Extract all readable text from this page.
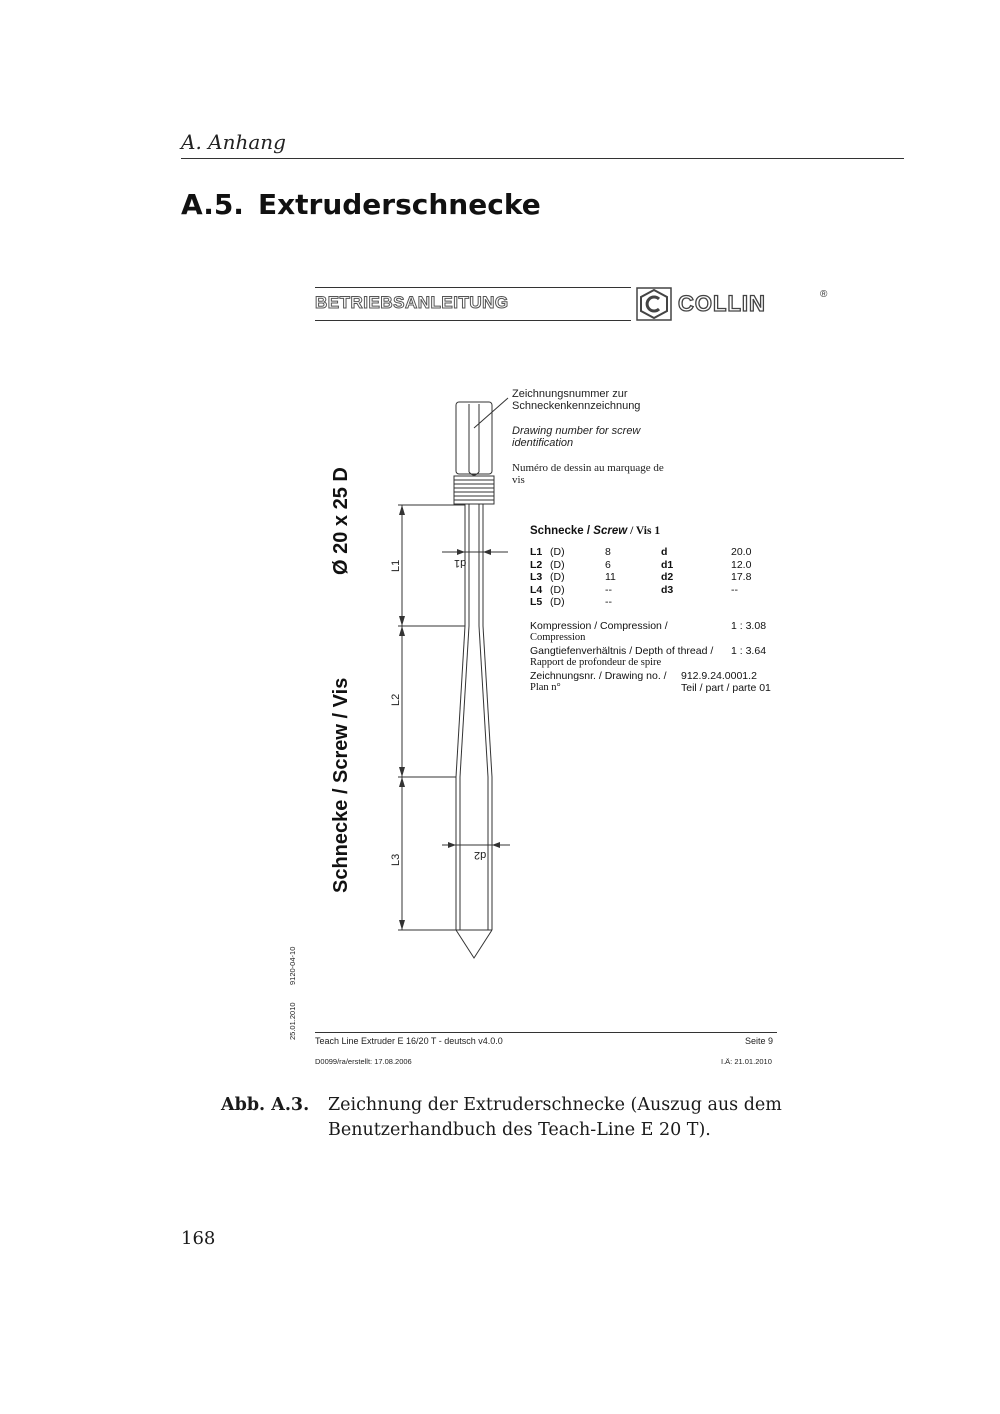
A. Anhang
A.5. Extruderschnecke
BETRIEBSANLEITUNG	COLLIN	®
Schnecke / Screw / Vis
Ø 20 x 25 D
25.01.2010
9120-04-10
L1
L2
L3
d1
d2
Zeichnungsnummer zur
Schneckenkennzeichnung
Drawing number for screw
identification
Numéro de dessin au marquage de
vis
Schnecke / Screw / Vis 1
L1 (D)	8	d	20.0
L2 (D)	6	d1	12.0
L3 (D)	11	d2	17.8
L4 (D)	--	d3	--
L5 (D)	--
Kompression / Compression /
Compression
1 : 3.08
Gangtiefenverhältnis / Depth of thread /
Rapport de profondeur de spire
1 : 3.64
Zeichnungsnr. / Drawing no. /
Plan n°
912.9.24.0001.2
Teil / part / parte 01
Teach Line Extruder E 16/20 T - deutsch v4.0.0	Seite 9
D0099/ra/erstellt: 17.08.2006	I.Ä: 21.01.2010
Abb. A.3. Zeichnung der Extruderschnecke (Auszug aus dem Benutzerhandbuch des Teach-Line E 20 T).
168
